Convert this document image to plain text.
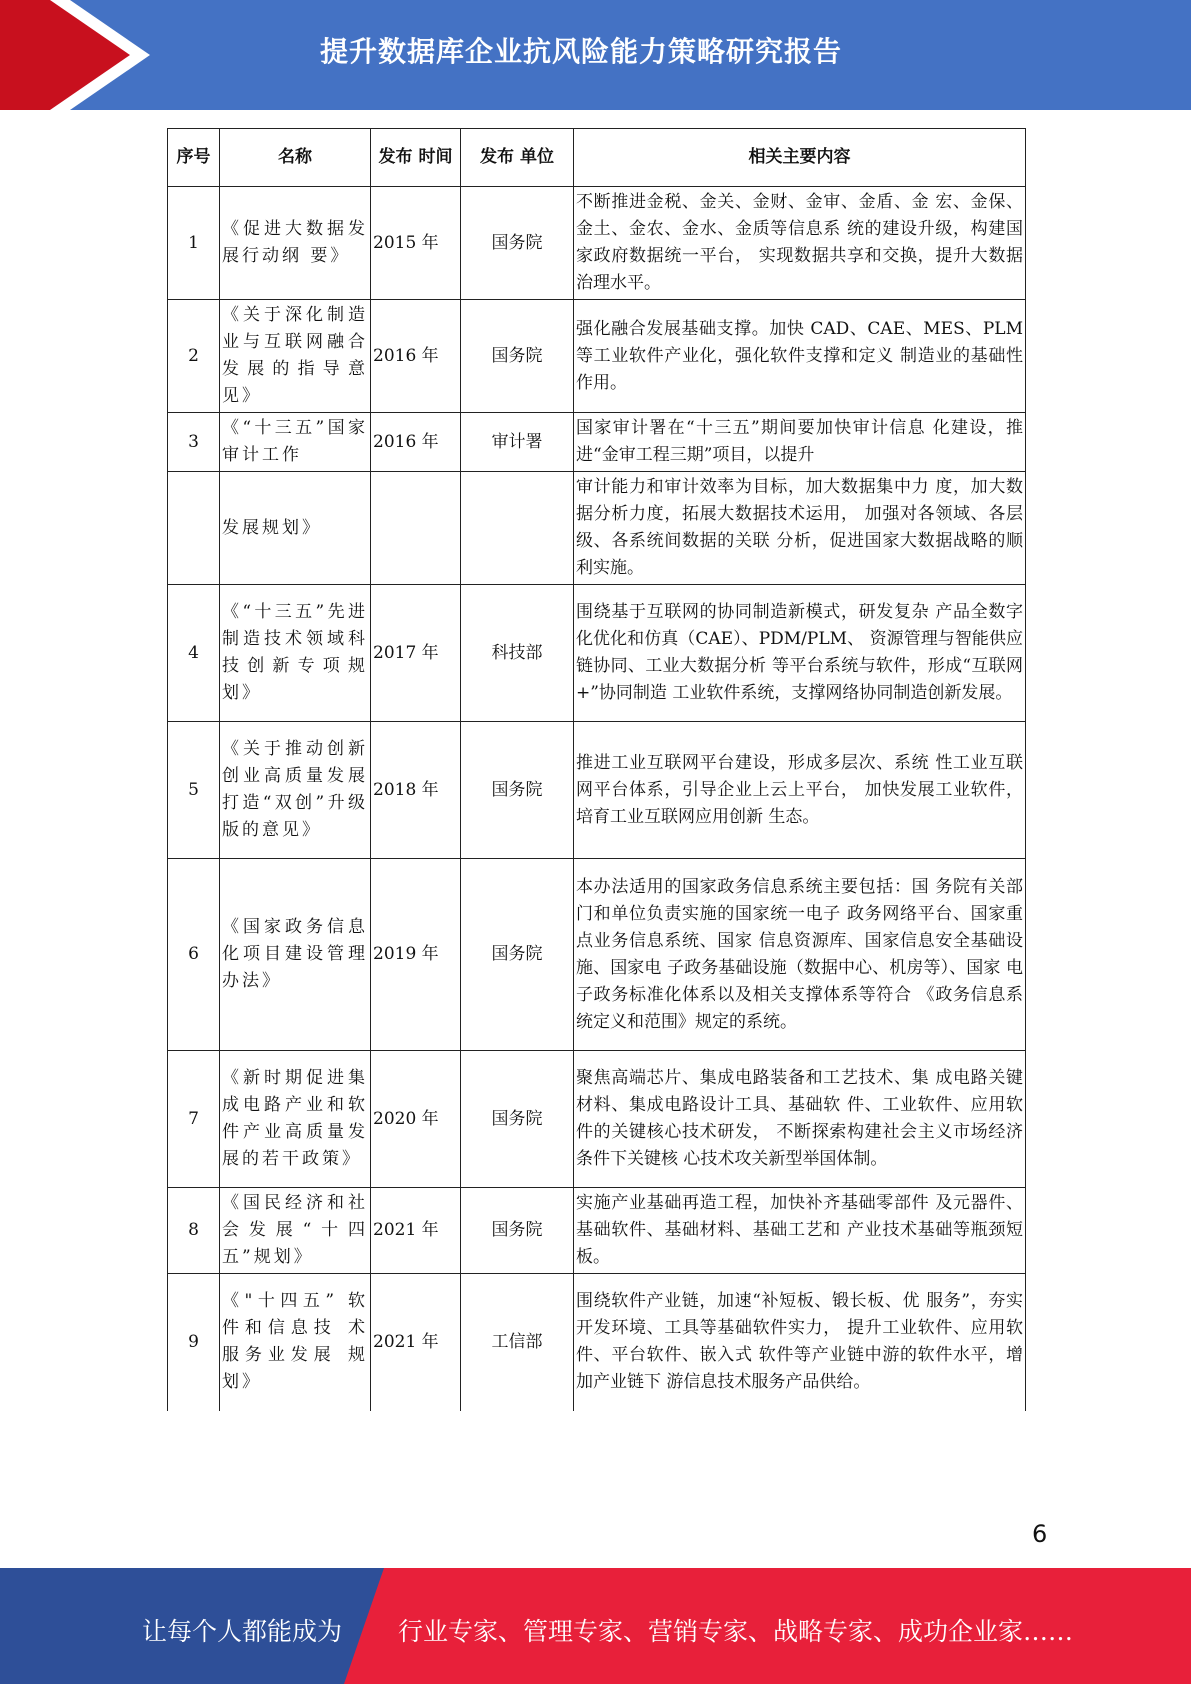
提升数据库企业抗风险能力策略研究报告
序号	名称	发布 时间	发布 单位	相关主要内容
1	《促进大数据发展行动纲 要》	2015 年	国务院	不断推进金税、金关、金财、金审、金盾、金 宏、金保、金土、金农、金水、金质等信息系 统的建设升级，构建国家政府数据统一平台， 实现数据共享和交换，提升大数据治理水平。
2	《关于深化制造业与互联网融合发展的指导意见》	2016 年	国务院	强化融合发展基础支撑。加快 CAD、CAE、MES、PLM 等工业软件产业化，强化软件支撑和定义 制造业的基础性作用。
3	《“十三五”国家审计工作	2016 年	审计署	国家审计署在“十三五”期间要加快审计信息 化建设，推进“金审工程三期”项目，以提升
	发展规划》			审计能力和审计效率为目标，加大数据集中力 度，加大数据分析力度，拓展大数据技术运用， 加强对各领域、各层级、各系统间数据的关联 分析，促进国家大数据战略的顺利实施。
4	《“十三五”先进制造技术领域科技创新专项规划》	2017 年	科技部	围绕基于互联网的协同制造新模式，研发复杂 产品全数字化优化和仿真（CAE）、PDM/PLM、 资源管理与智能供应链协同、工业大数据分析 等平台系统与软件，形成“互联网+”协同制造 工业软件系统，支撑网络协同制造创新发展。
5	《关于推动创新创业高质量发展打造“双创”升级版的意见》	2018 年	国务院	推进工业互联网平台建设，形成多层次、系统 性工业互联网平台体系，引导企业上云上平台， 加快发展工业软件，培育工业互联网应用创新 生态。
6	《国家政务信息化项目建设管理办法》	2019 年	国务院	本办法适用的国家政务信息系统主要包括：国 务院有关部门和单位负责实施的国家统一电子 政务网络平台、国家重点业务信息系统、国家 信息资源库、国家信息安全基础设施、国家电 子政务基础设施（数据中心、机房等）、国家 电子政务标准化体系以及相关支撑体系等符合 《政务信息系统定义和范围》规定的系统。
7	《新时期促进集成电路产业和软件产业高质量发展的若干政策》	2020 年	国务院	聚焦高端芯片、集成电路装备和工艺技术、集 成电路关键材料、集成电路设计工具、基础软 件、工业软件、应用软件的关键核心技术研发， 不断探索构建社会主义市场经济条件下关键核 心技术攻关新型举国体制。
8	《国民经济和社会发展“十四五”规划》	2021 年	国务院	实施产业基础再造工程，加快补齐基础零部件 及元器件、基础软件、基础材料、基础工艺和 产业技术基础等瓶颈短板。
9	《"十四五” 软件和信息技 术服务业发展 规划》	2021 年	工信部	围绕软件产业链，加速“补短板、锻长板、优 服务”，夯实开发环境、工具等基础软件实力， 提升工业软件、应用软件、平台软件、嵌入式 软件等产业链中游的软件水平，增加产业链下 游信息技术服务产品供给。
6
让每个人都能成为 行业专家、管理专家、营销专家、战略专家、成功企业家……
